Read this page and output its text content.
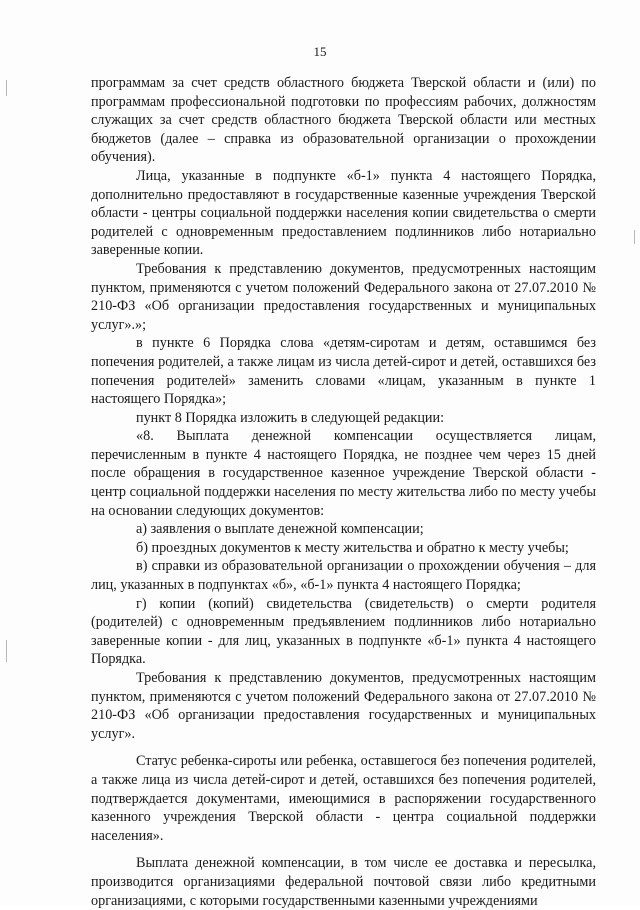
15

программам за счет средств областного бюджета Тверской области и (или) по программам профессиональной подготовки по профессиям рабочих, должностям служащих за счет средств областного бюджета Тверской области или местных бюджетов (далее – справка из образовательной организации о прохождении обучения).

Лица, указанные в подпункте «б-1» пункта 4 настоящего Порядка, дополнительно предоставляют в государственные казенные учреждения Тверской области - центры социальной поддержки населения копии свидетельства о смерти родителей с одновременным предоставлением подлинников либо нотариально заверенные копии.

Требования к представлению документов, предусмотренных настоящим пунктом, применяются с учетом положений Федерального закона от 27.07.2010 № 210-ФЗ «Об организации предоставления государственных и муниципальных услуг».»;

в пункте 6 Порядка слова «детям-сиротам и детям, оставшимся без попечения родителей, а также лицам из числа детей-сирот и детей, оставшихся без попечения родителей» заменить словами «лицам, указанным в пункте 1 настоящего Порядка»;

пункт 8 Порядка изложить в следующей редакции:

«8. Выплата денежной компенсации осуществляется лицам, перечисленным в пункте 4 настоящего Порядка, не позднее чем через 15 дней после обращения в государственное казенное учреждение Тверской области - центр социальной поддержки населения по месту жительства либо по месту учебы на основании следующих документов:

а) заявления о выплате денежной компенсации;

б) проездных документов к месту жительства и обратно к месту учебы;

в) справки из образовательной организации о прохождении обучения – для лиц, указанных в подпунктах «б», «б-1» пункта 4 настоящего Порядка;

г) копии (копий) свидетельства (свидетельств) о смерти родителя (родителей) с одновременным предъявлением подлинников либо нотариально заверенные копии - для лиц, указанных в подпункте «б-1» пункта 4 настоящего Порядка.

Требования к представлению документов, предусмотренных настоящим пунктом, применяются с учетом положений Федерального закона от 27.07.2010 № 210-ФЗ «Об организации предоставления государственных и муниципальных услуг».

Статус ребенка-сироты или ребенка, оставшегося без попечения родителей, а также лица из числа детей-сирот и детей, оставшихся без попечения родителей, подтверждается документами, имеющимися в распоряжении государственного казенного учреждения Тверской области - центра социальной поддержки населения».

Выплата денежной компенсации, в том числе ее доставка и пересылка, производится организациями федеральной почтовой связи либо кредитными организациями, с которыми государственными казенными учреждениями
